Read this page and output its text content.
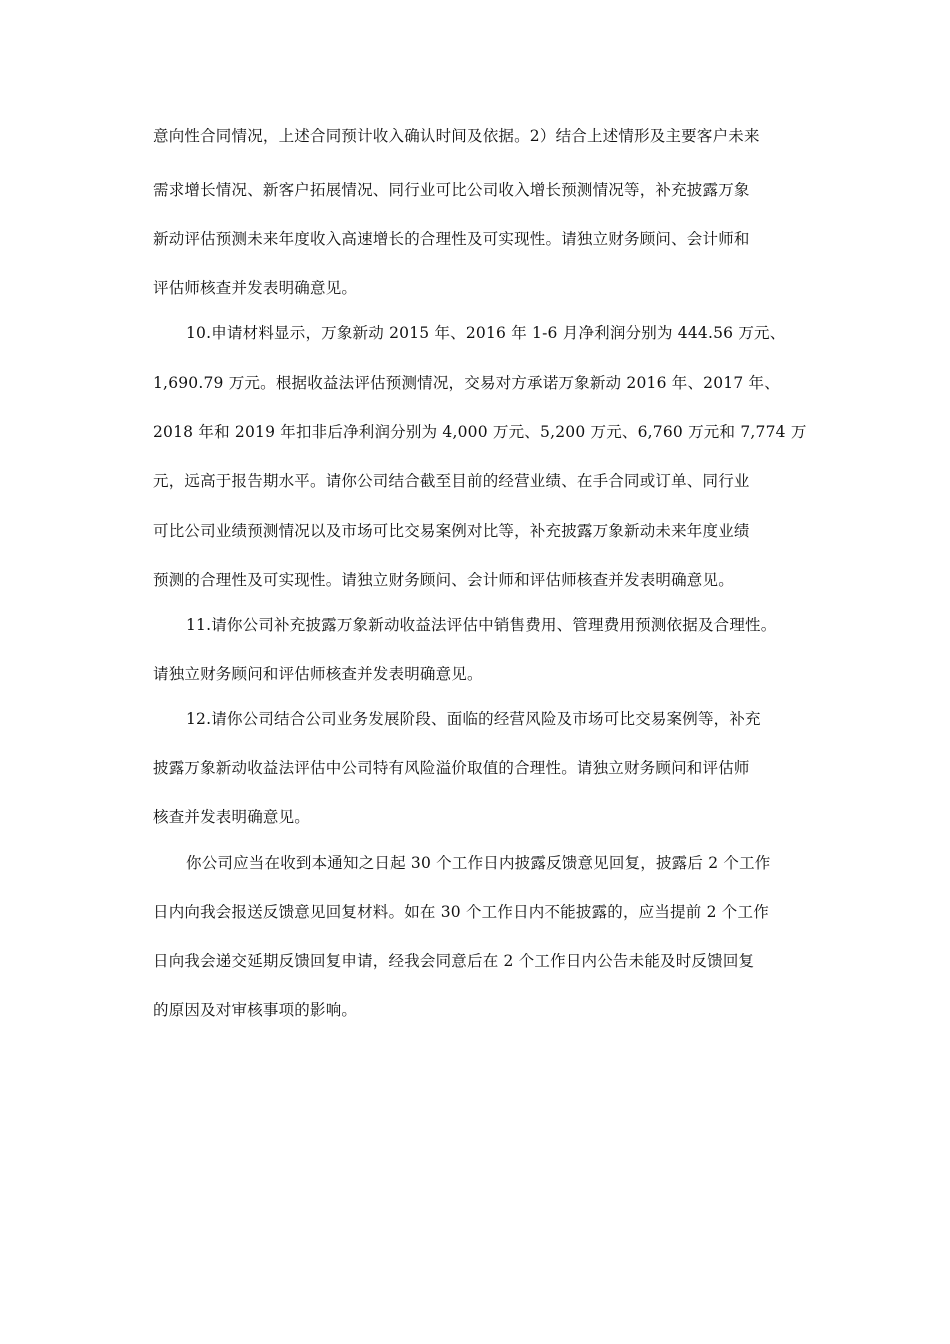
意向性合同情况，上述合同预计收入确认时间及依据。2）结合上述情形及主要客户未来
需求增长情况、新客户拓展情况、同行业可比公司收入增长预测情况等，补充披露万象
新动评估预测未来年度收入高速增长的合理性及可实现性。请独立财务顾问、会计师和
评估师核查并发表明确意见。
10.申请材料显示，万象新动 2015 年、2016 年 1-6 月净利润分别为 444.56 万元、
1,690.79 万元。根据收益法评估预测情况，交易对方承诺万象新动 2016 年、2017 年、
2018 年和 2019 年扣非后净利润分别为 4,000 万元、5,200 万元、6,760 万元和 7,774 万
元，远高于报告期水平。请你公司结合截至目前的经营业绩、在手合同或订单、同行业
可比公司业绩预测情况以及市场可比交易案例对比等，补充披露万象新动未来年度业绩
预测的合理性及可实现性。请独立财务顾问、会计师和评估师核查并发表明确意见。
11.请你公司补充披露万象新动收益法评估中销售费用、管理费用预测依据及合理性。
请独立财务顾问和评估师核查并发表明确意见。
12.请你公司结合公司业务发展阶段、面临的经营风险及市场可比交易案例等，补充
披露万象新动收益法评估中公司特有风险溢价取值的合理性。请独立财务顾问和评估师
核查并发表明确意见。
你公司应当在收到本通知之日起 30 个工作日内披露反馈意见回复，披露后 2 个工作
日内向我会报送反馈意见回复材料。如在 30 个工作日内不能披露的，应当提前 2 个工作
日向我会递交延期反馈回复申请，经我会同意后在 2 个工作日内公告未能及时反馈回复
的原因及对审核事项的影响。
